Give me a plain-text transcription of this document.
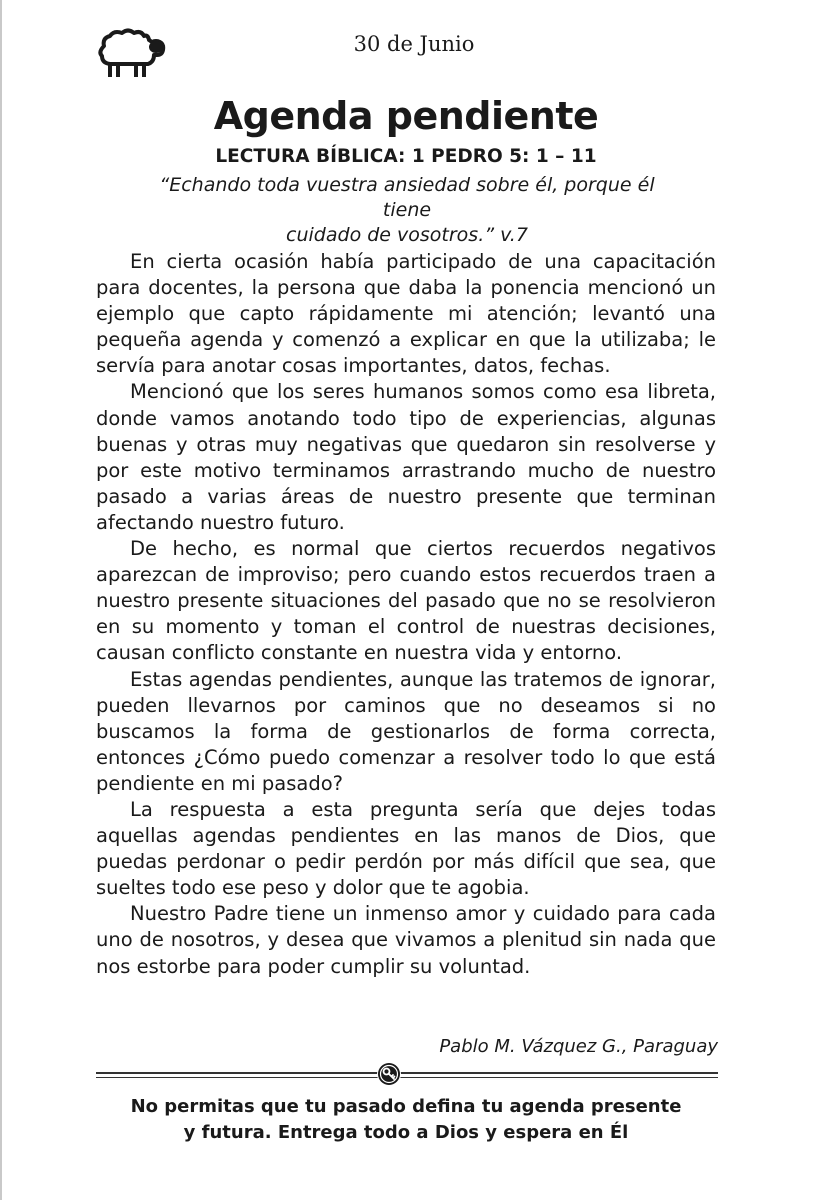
30 de Junio
Agenda pendiente
LECTURA BÍBLICA: 1 PEDRO 5: 1 – 11
“Echando toda vuestra ansiedad sobre él, porque él tiene
cuidado de vosotros.” v.7

En cierta ocasión había participado de una capacitación para docentes, la persona que daba la ponencia mencionó un ejemplo que capto rápidamente mi atención; levantó una pequeña agenda y comenzó a explicar en que la utilizaba; le servía para anotar cosas importantes, datos, fechas.

Mencionó que los seres humanos somos como esa libreta, donde vamos anotando todo tipo de experiencias, algunas buenas y otras muy negativas que quedaron sin resolverse y por este motivo terminamos arrastrando mucho de nuestro pasado a varias áreas de nuestro presente que terminan afectando nuestro futuro.

De hecho, es normal que ciertos recuerdos negativos aparezcan de improviso; pero cuando estos recuerdos traen a nuestro presente situaciones del pasado que no se resolvieron en su momento y toman el control de nuestras decisiones, causan conflicto constante en nuestra vida y entorno.

Estas agendas pendientes, aunque las tratemos de ignorar, pueden llevarnos por caminos que no deseamos si no buscamos la forma de gestionarlos de forma correcta, entonces ¿Cómo puedo comenzar a resolver todo lo que está pendiente en mi pasado?

La respuesta a esta pregunta sería que dejes todas aquellas agendas pendientes en las manos de Dios, que puedas perdonar o pedir perdón por más difícil que sea, que sueltes todo ese peso y dolor que te agobia.

Nuestro Padre tiene un inmenso amor y cuidado para cada uno de nosotros, y desea que vivamos a plenitud sin nada que nos estorbe para poder cumplir su voluntad.

Pablo M. Vázquez G., Paraguay
No permitas que tu pasado defina tu agenda presente
y futura. Entrega todo a Dios y espera en Él
